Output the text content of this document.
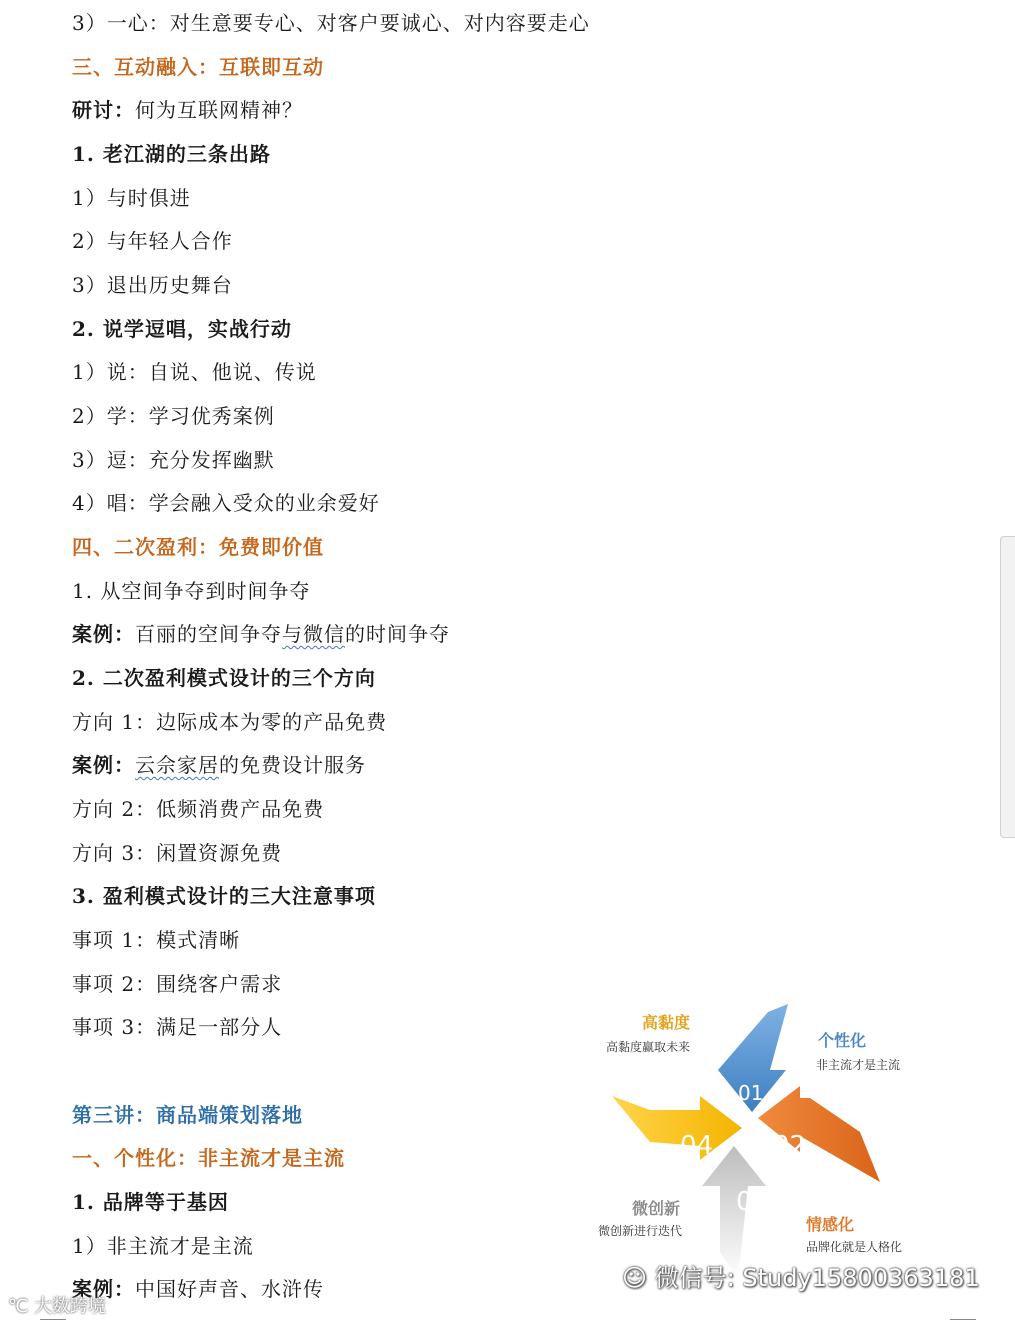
3）一心：对生意要专心、对客户要诚心、对内容要走心
三、互动融入：互联即互动
研讨：何为互联网精神？
1. 老江湖的三条出路
1）与时俱进
2）与年轻人合作
3）退出历史舞台
2. 说学逗唱，实战行动
1）说：自说、他说、传说
2）学：学习优秀案例
3）逗：充分发挥幽默
4）唱：学会融入受众的业余爱好
四、二次盈利：免费即价值
1. 从空间争夺到时间争夺
案例：百丽的空间争夺与微信的时间争夺
2. 二次盈利模式设计的三个方向
方向 1：边际成本为零的产品免费
案例：云佘家居的免费设计服务
方向 2：低频消费产品免费
方向 3：闲置资源免费
3. 盈利模式设计的三大注意事项
事项 1：模式清晰
事项 2：围绕客户需求
事项 3：满足一部分人
第三讲：商品端策划落地
一、个性化：非主流才是主流
1. 品牌等于基因
1）非主流才是主流
案例：中国好声音、水浒传
01
02
03
04
高黏度
高黏度赢取未来	个性化
非主流才是主流
微创新
微创新进行迭代	情感化
品牌化就是人格化
☺ 微信号: Study15800363181
℃ 大数跨境
